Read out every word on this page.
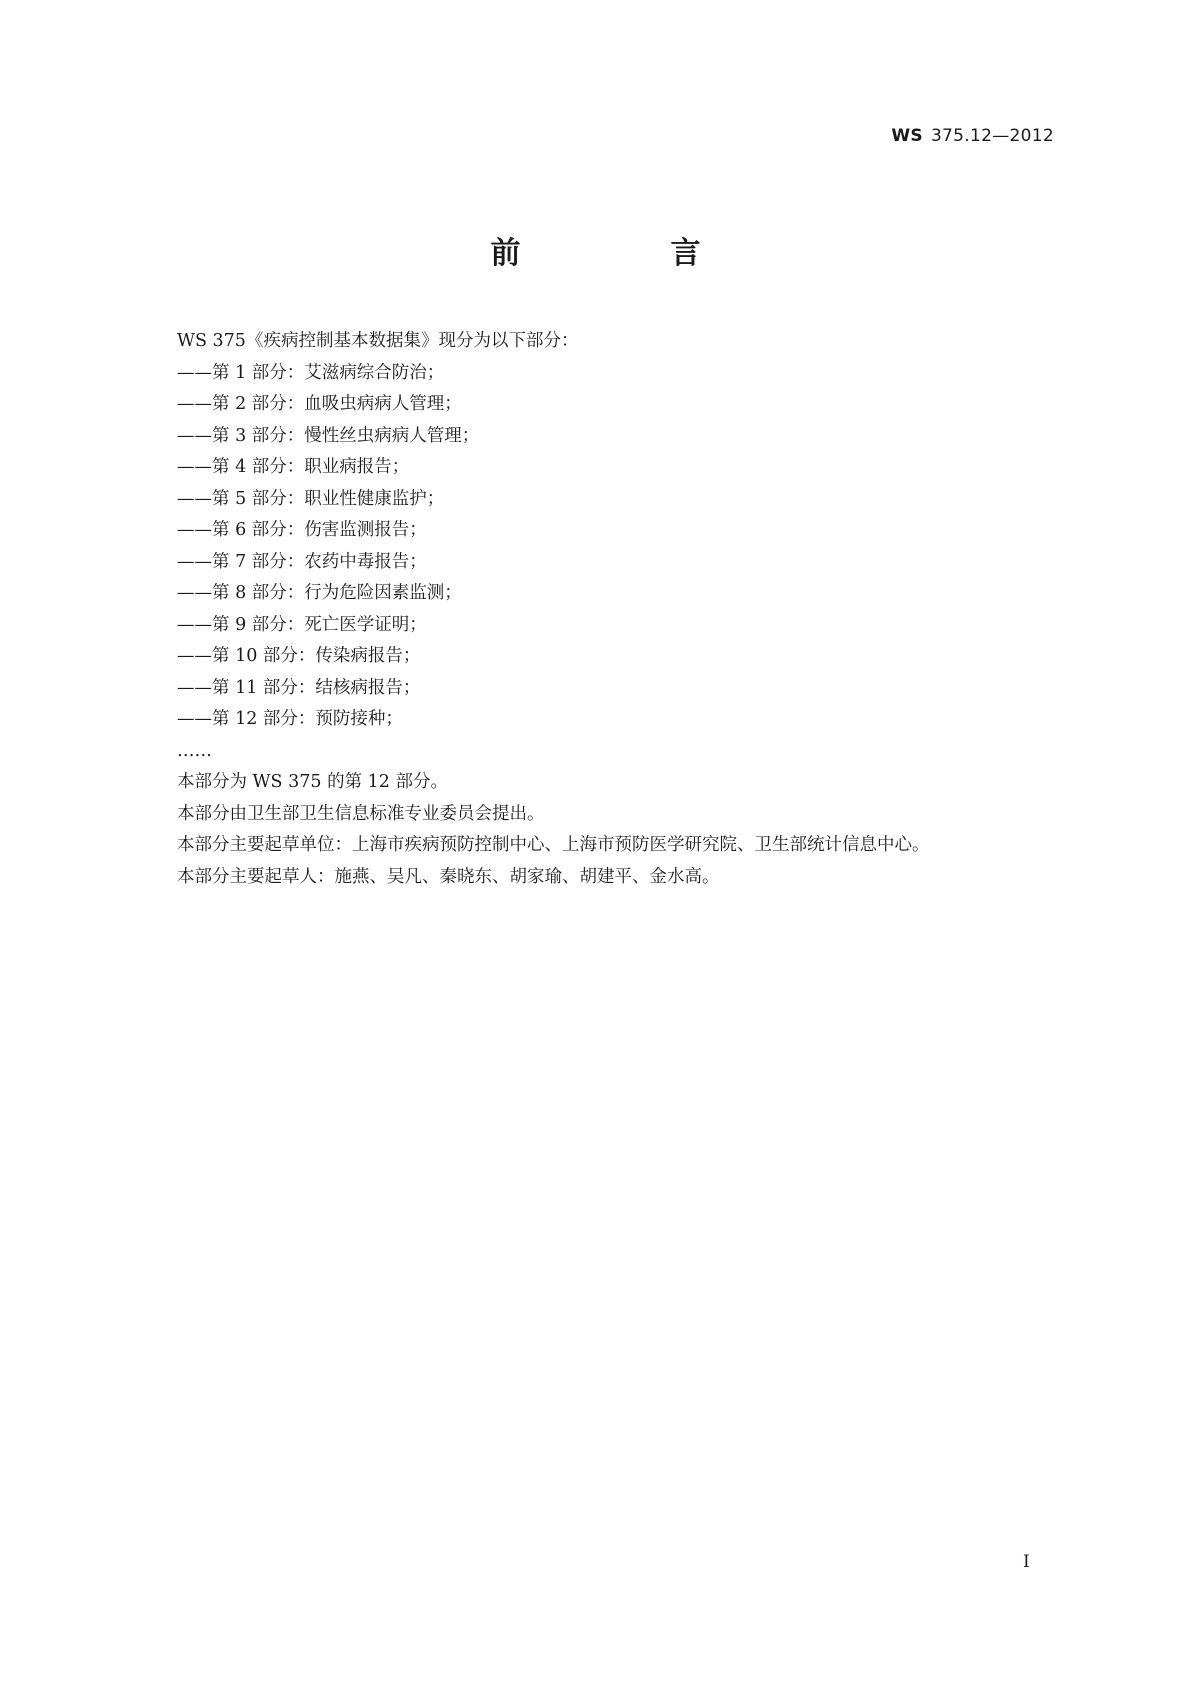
WS 375.12—2012
前　言
WS 375《疾病控制基本数据集》现分为以下部分：
——第 1 部分：艾滋病综合防治；
——第 2 部分：血吸虫病病人管理；
——第 3 部分：慢性丝虫病病人管理；
——第 4 部分：职业病报告；
——第 5 部分：职业性健康监护；
——第 6 部分：伤害监测报告；
——第 7 部分：农药中毒报告；
——第 8 部分：行为危险因素监测；
——第 9 部分：死亡医学证明；
——第 10 部分：传染病报告；
——第 11 部分：结核病报告；
——第 12 部分：预防接种；
……
本部分为 WS 375 的第 12 部分。
本部分由卫生部卫生信息标准专业委员会提出。
本部分主要起草单位：上海市疾病预防控制中心、上海市预防医学研究院、卫生部统计信息中心。
本部分主要起草人：施燕、吴凡、秦晓东、胡家瑜、胡建平、金水高。
I
